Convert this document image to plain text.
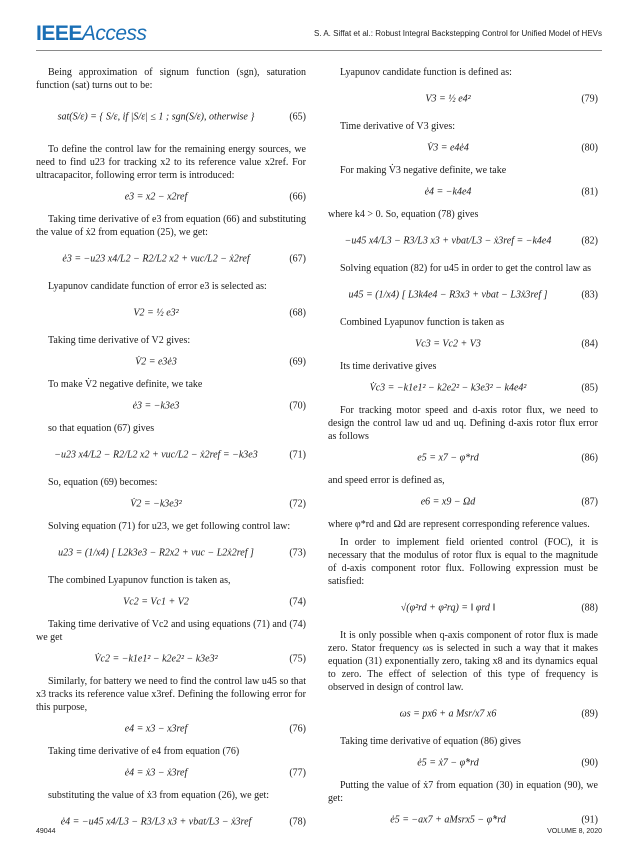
IEEEAccess	S. A. Siffat et al.: Robust Integral Backstepping Control for Unified Model of HEVs

Being approximation of signum function (sgn), saturation function (sat) turns out to be:

sat(S/ε) = { S/ε, if |S/ε| ≤ 1 ; sgn(S/ε), otherwise }	(65)

To define the control law for the remaining energy sources, we need to find u23 for tracking x2 to its reference value x2ref. For ultracapacitor, following error term is introduced:

e3 = x2 − x2ref	(66)

Taking time derivative of e3 from equation (66) and substituting the value of ẋ2 from equation (25), we get:

ė3 = −u23 x4/L2 − R2/L2 x2 + vuc/L2 − ẋ2ref	(67)

Lyapunov candidate function of error e3 is selected as:

V2 = ½ e3²	(68)

Taking time derivative of V2 gives:

V̇2 = e3ė3	(69)

To make V̇2 negative definite, we take

ė3 = −k3e3	(70)

so that equation (67) gives

−u23 x4/L2 − R2/L2 x2 + vuc/L2 − ẋ2ref = −k3e3	(71)

So, equation (69) becomes:

V̇2 = −k3e3²	(72)

Solving equation (71) for u23, we get following control law:

u23 = (1/x4) [ L2k3e3 − R2x2 + vuc − L2ẋ2ref ]	(73)

The combined Lyapunov function is taken as,

Vc2 = Vc1 + V2	(74)

Taking time derivative of Vc2 and using equations (71) and (74) we get

V̇c2 = −k1e1² − k2e2² − k3e3²	(75)

Similarly, for battery we need to find the control law u45 so that x3 tracks its reference value x3ref. Defining the following error for this purpose,

e4 = x3 − x3ref	(76)

Taking time derivative of e4 from equation (76)

ė4 = ẋ3 − ẋ3ref	(77)

substituting the value of ẋ3 from equation (26), we get:

ė4 = −u45 x4/L3 − R3/L3 x3 + vbat/L3 − ẋ3ref	(78)

Lyapunov candidate function is defined as:

V3 = ½ e4²	(79)

Time derivative of V3 gives:

V̇3 = e4ė4	(80)

For making V̇3 negative definite, we take

ė4 = −k4e4	(81)

where k4 > 0. So, equation (78) gives

−u45 x4/L3 − R3/L3 x3 + vbat/L3 − ẋ3ref = −k4e4	(82)

Solving equation (82) for u45 in order to get the control law as

u45 = (1/x4) [ L3k4e4 − R3x3 + vbat − L3ẋ3ref ]	(83)

Combined Lyapunov function is taken as

Vc3 = Vc2 + V3	(84)

Its time derivative gives

V̇c3 = −k1e1² − k2e2² − k3e3² − k4e4²	(85)

For tracking motor speed and d-axis rotor flux, we need to design the control law ud and uq. Defining d-axis rotor flux error as follows

e5 = x7 − φ*rd	(86)

and speed error is defined as,

e6 = x9 − Ωd	(87)

where φ*rd and Ωd are represent corresponding reference values.

In order to implement field oriented control (FOC), it is necessary that the modulus of rotor flux is equal to the magnitude of d-axis component rotor flux. Following expression must be satisfied:

√(φ²rd + φ²rq) = ‖ φrd ‖	(88)

It is only possible when q-axis component of rotor flux is made zero. Stator frequency ωs is selected in such a way that it makes equation (31) exponentially zero, taking x8 and its dynamics equal to zero. The effect of selection of this type of frequency is observed in design of control law.

ωs = px6 + a Msr/x7 x6	(89)

Taking time derivative of equation (86) gives

ė5 = ẋ7 − φ̇*rd	(90)

Putting the value of ẋ7 from equation (30) in equation (90), we get:

ė5 = −ax7 + aMsrx5 − φ̇*rd	(91)
49044	VOLUME 8, 2020
